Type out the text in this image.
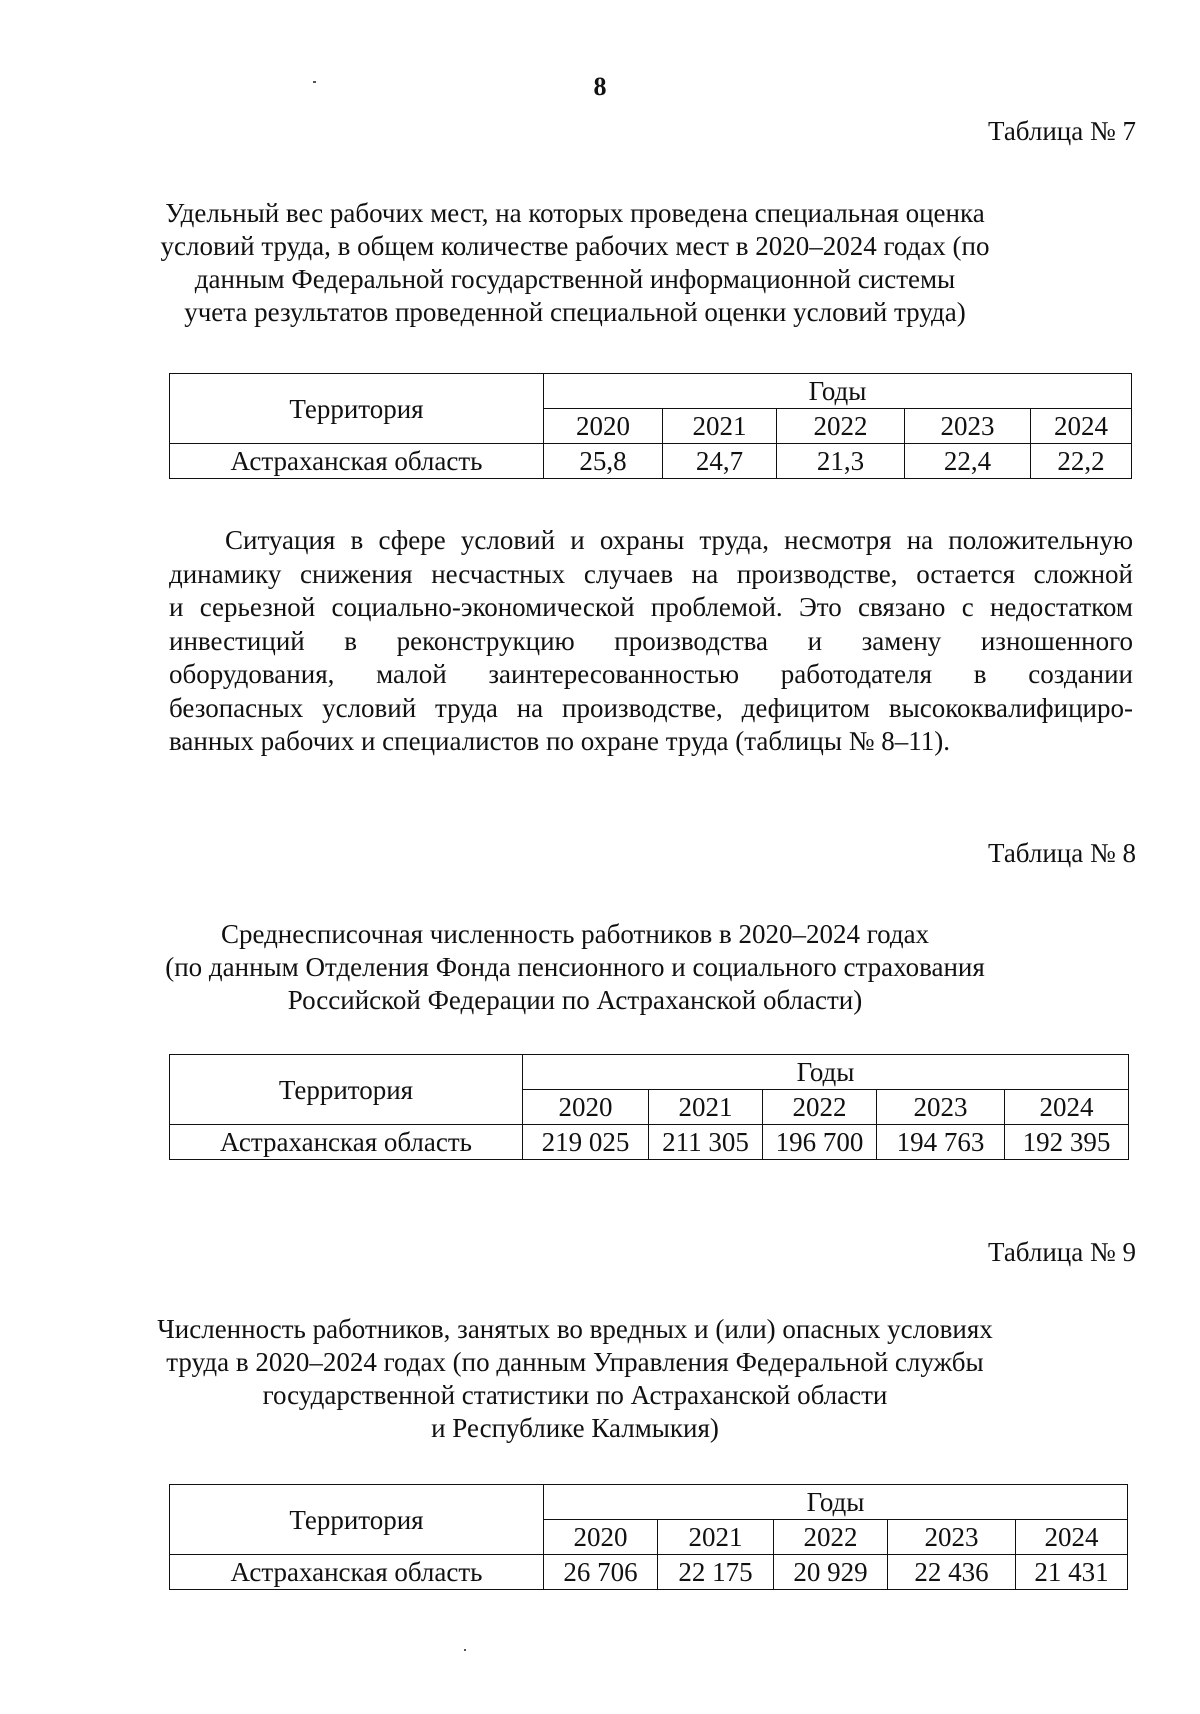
8
Таблица № 7
Удельный вес рабочих мест, на которых проведена специальная оценка
условий труда, в общем количестве рабочих мест в 2020–2024 годах (по
данным Федеральной государственной информационной системы
учета результатов проведенной специальной оценки условий труда)
Территория	Годы				
	2020	2021	2022	2023	2024
Астраханская область	25,8	24,7	21,3	22,4	22,2
Ситуация в сфере условий и охраны труда, несмотря на положительную
динамику снижения несчастных случаев на производстве, остается сложной
и серьезной социально-экономической проблемой. Это связано с недостатком
инвестиций в реконструкцию производства и замену изношенного
оборудования, малой заинтересованностью работодателя в создании
безопасных условий труда на производстве, дефицитом высококвалифициро-
ванных рабочих и специалистов по охране труда (таблицы № 8–11).
Таблица № 8
Среднесписочная численность работников в 2020–2024 годах
(по данным Отделения Фонда пенсионного и социального страхования
Российской Федерации по Астраханской области)
Территория	Годы				
	2020	2021	2022	2023	2024
Астраханская область	219 025	211 305	196 700	194 763	192 395
Таблица № 9
Численность работников, занятых во вредных и (или) опасных условиях
труда в 2020–2024 годах (по данным Управления Федеральной службы
государственной статистики по Астраханской области
и Республике Калмыкия)
Территория	Годы				
	2020	2021	2022	2023	2024
Астраханская область	26 706	22 175	20 929	22 436	21 431
